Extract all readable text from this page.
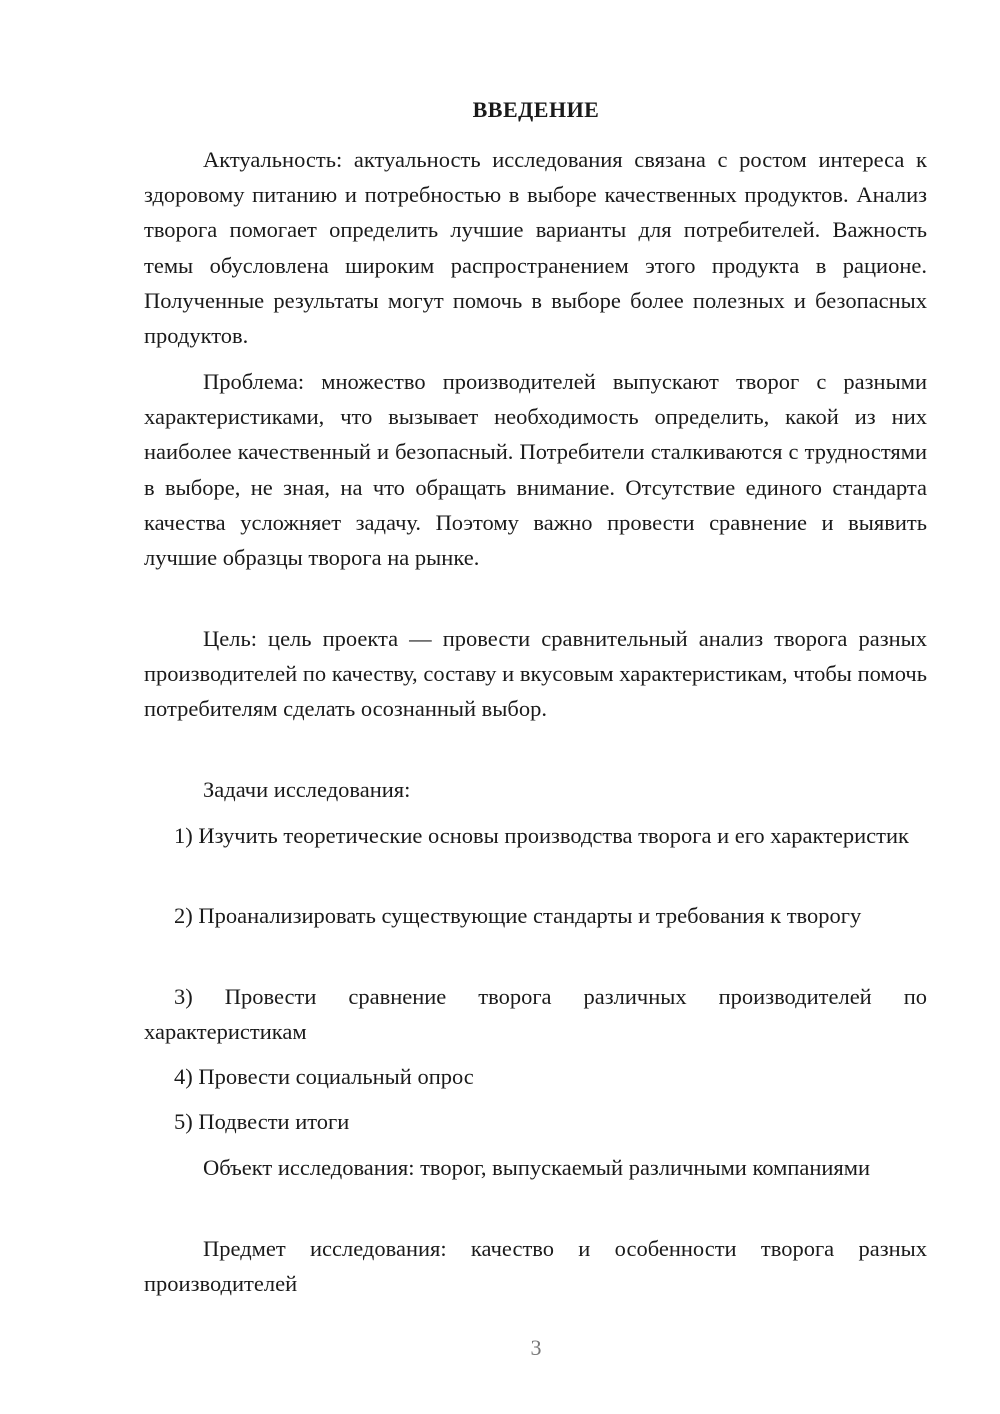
ВВЕДЕНИЕ

Актуальность: актуальность исследования связана с ростом интереса к здоровому питанию и потребностью в выборе качественных продуктов. Анализ творога помогает определить лучшие варианты для потребителей. Важность темы обусловлена широким распространением этого продукта в рационе. Полученные результаты могут помочь в выборе более полезных и безопасных продуктов.

Проблема: множество производителей выпускают творог с разными характеристиками, что вызывает необходимость определить, какой из них наиболее качественный и безопасный. Потребители сталкиваются с трудностями в выборе, не зная, на что обращать внимание. Отсутствие единого стандарта качества усложняет задачу. Поэтому важно провести сравнение и выявить лучшие образцы творога на рынке.

Цель: цель проекта — провести сравнительный анализ творога разных производителей по качеству, составу и вкусовым характеристикам, чтобы помочь потребителям сделать осознанный выбор.

Задачи исследования:

1) Изучить теоретические основы производства творога и его характеристик

2) Проанализировать существующие стандарты и требования к творогу

3) Провести сравнение творога различных производителей по характеристикам

4) Провести социальный опрос

5) Подвести итоги

Объект исследования: творог, выпускаемый различными компаниями

Предмет исследования: качество и особенности творога разных производителей

3
